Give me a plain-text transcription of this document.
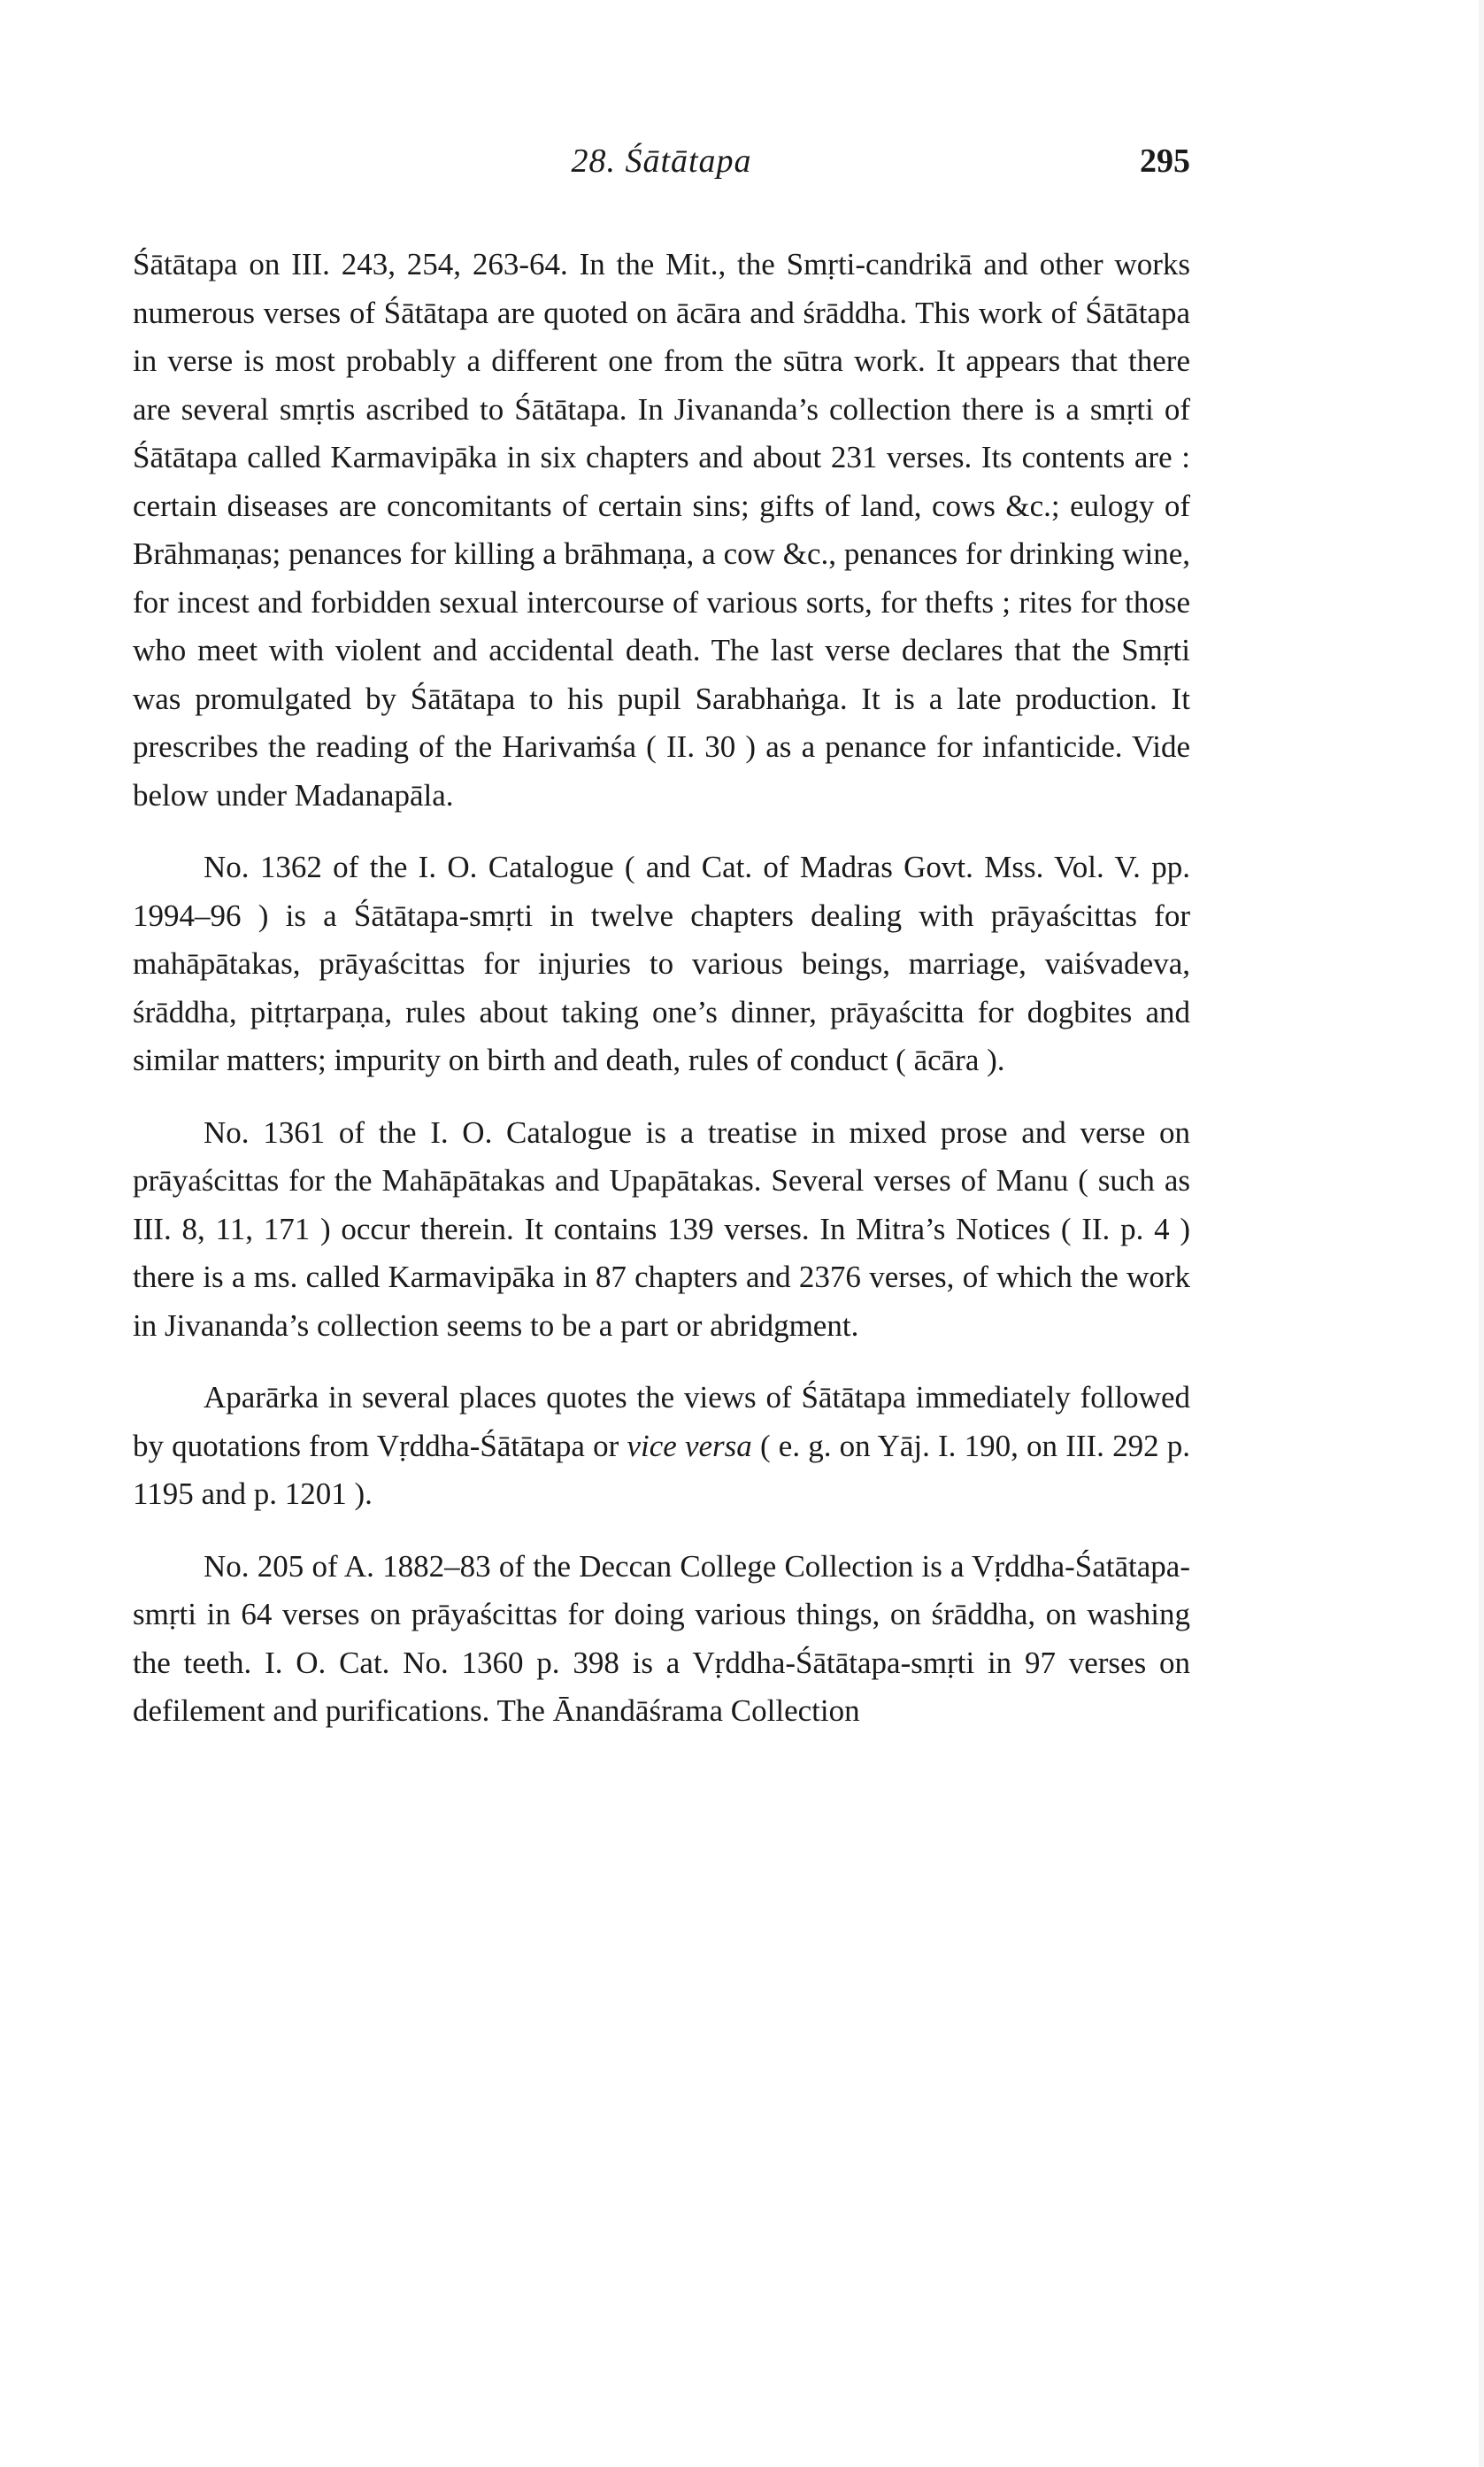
28. Śātātapa	295

Śātātapa on III. 243, 254, 263-64. In the Mit., the Smṛti-candrikā and other works numerous verses of Śātātapa are quoted on ācāra and śrāddha. This work of Śātātapa in verse is most probably a different one from the sūtra work. It appears that there are several smṛtis ascribed to Śātātapa. In Jivananda’s collection there is a smṛti of Śātātapa called Karmavipāka in six chapters and about 231 verses. Its contents are : certain diseases are concomitants of certain sins; gifts of land, cows &c.; eulogy of Brāhmaṇas; penances for killing a brāhmaṇa, a cow &c., penances for drinking wine, for incest and forbidden sexual intercourse of various sorts, for thefts ; rites for those who meet with violent and accidental death. The last verse declares that the Smṛti was promulgated by Śātātapa to his pupil Sarabhaṅga. It is a late production. It prescribes the reading of the Harivaṁśa ( II. 30 ) as a penance for infanticide. Vide below under Madanapāla.

No. 1362 of the I. O. Catalogue ( and Cat. of Madras Govt. Mss. Vol. V. pp. 1994–96 ) is a Śātātapa-smṛti in twelve chapters dealing with prāyaścittas for mahāpātakas, prāyaścittas for injuries to various beings, marriage, vaiśvadeva, śrāddha, pitṛtarpaṇa, rules about taking one’s dinner, prāyaścitta for dogbites and similar matters; impurity on birth and death, rules of conduct ( ācāra ).

No. 1361 of the I. O. Catalogue is a treatise in mixed prose and verse on prāyaścittas for the Mahāpātakas and Upapātakas. Several verses of Manu ( such as III. 8, 11, 171 ) occur therein. It contains 139 verses. In Mitra’s Notices ( II. p. 4 ) there is a ms. called Karmavipāka in 87 chapters and 2376 verses, of which the work in Jivananda’s collection seems to be a part or abridgment.

Aparārka in several places quotes the views of Śātātapa immediately followed by quotations from Vṛddha-Śātātapa or vice versa ( e. g. on Yāj. I. 190, on III. 292 p. 1195 and p. 1201 ).

No. 205 of A. 1882–83 of the Deccan College Collection is a Vṛddha-Śatātapa-smṛti in 64 verses on prāyaścittas for doing various things, on śrāddha, on washing the teeth. I. O. Cat. No. 1360 p. 398 is a Vṛddha-Śātātapa-smṛti in 97 verses on defilement and purifications. The Ānandāśrama Collection
